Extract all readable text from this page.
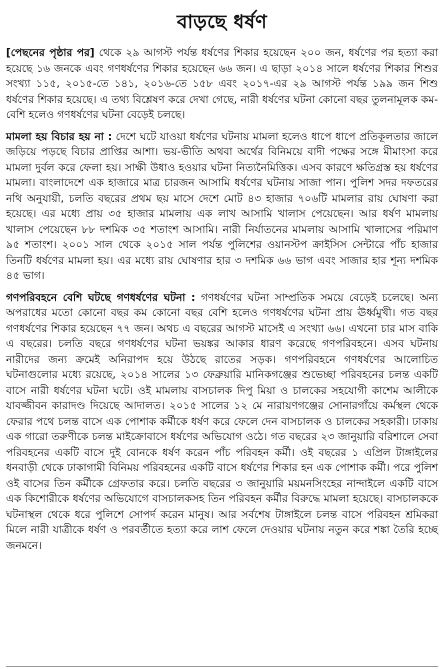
বাড়ছে ধর্ষণ

[পেছনের পৃষ্ঠার পর] থেকে ২৯ আগস্ট পর্যন্ত ধর্ষণের শিকার হয়েছেন ২০০ জন, ধর্ষণের পর হত্যা করা হয়েছে ১৬ জনকে এবং গণধর্ষণের শিকার হয়েছেন ৬৬ জন। এ ছাড়া ২০১৪ সালে ধর্ষণের শিকার শিশুর সংখ্যা ১১৫, ২০১৫-তে ১৪১, ২০১৬-তে ১৫৮ এবং ২০১৭-এর ২৯ আগস্ট পর্যন্ত ১৯৯ জন শিশু ধর্ষণের শিকার হয়েছে। এ তথ্য বিশ্লেষণ করে দেখা গেছে, নারী ধর্ষণের ঘটনা কোনো বছর তুলনামূলক কম-বেশি হলেও গণধর্ষণের ঘটনা বেড়েই চলছে।

মামলা হয় বিচার হয় না : দেশে ঘটে যাওয়া ধর্ষণের ঘটনায় মামলা হলেও ধাপে ধাপে প্রতিকূলতার জালে জড়িয়ে পড়ছে বিচার প্রাপ্তির আশা। ভয়-ভীতি অথবা অর্থের বিনিময়ে বাদী পক্ষের সঙ্গে মীমাংসা করে মামলা দুর্বল করে ফেলা হয়। সাক্ষী উধাও হওয়ার ঘটনা নিত্যনৈমিত্তিক। এসব কারণে ক্ষতিগ্রস্ত হয় ধর্ষণের মামলা। বাংলাদেশে এক হাজারে মাত্র চারজন আসামি ধর্ষণের ঘটনায় সাজা পান। পুলিশ সদর দফতরের নথি অনুযায়ী, চলতি বছরের প্রথম ছয় মাসে দেশে মোট ৪৩ হাজার ৭০৬টি মামলার রায় ঘোষণা করা হয়েছে। এর মধ্যে প্রায় ৩৫ হাজার মামলায় এক লাখ আসামি খালাস পেয়েছেন। আর ধর্ষণ মামলায় খালাস পেয়েছেন ৮৮ দশমিক ৩৫ শতাংশ আসামি। নারী নির্যাতনের মামলায় আসামি খালাসের পরিমাণ ৯৫ শতাংশ। ২০০১ সাল থেকে ২০১৫ সাল পর্যন্ত পুলিশের ওয়ানস্টপ ক্রাইসিস সেন্টারে পাঁচ হাজার তিনটি ধর্ষণের মামলা হয়। এর মধ্যে রায় ঘোষণার হার ৩ দশমিক ৬৬ ভাগ এবং সাজার হার শূন্য দশমিক ৪৫ ভাগ।

গণপরিবহনে বেশি ঘটছে গণধর্ষণের ঘটনা : গণধর্ষণের ঘটনা সাম্প্রতিক সময়ে বেড়েই চলেছে। অন্য অপরাধের মতো কোনো বছর কম কোনো বছর বেশি হলেও গণধর্ষণের ঘটনা প্রায় ঊর্ধ্বমুখী। গত বছর গণধর্ষণের শিকার হয়েছেন ৭৭ জন। অথচ এ বছরের আগস্ট মাসেই এ সংখ্যা ৬৬। এখনো চার মাস বাকি এ বছরের। চলতি বছরে গণধর্ষণের ঘটনা ভয়ঙ্কর আকার ধারণ করেছে গণপরিবহনে। এসব ঘটনায় নারীদের জন্য ক্রমেই অনিরাপদ হয়ে উঠছে রাতের সড়ক। গণপরিবহনে গণধর্ষণের আলোচিত ঘটনাগুলোর মধ্যে রয়েছে, ২০১৪ সালের ১৩ ফেব্রুয়ারি মানিকগঞ্জের শুভেচ্ছা পরিবহনের চলন্ত একটি বাসে নারী ধর্ষণের ঘটনা ঘটে। ওই মামলায় বাসচালক দিপু মিয়া ও চালকের সহযোগী কাশেম আলীকে যাবজ্জীবন কারাদণ্ড দিয়েছে আদালত। ২০১৫ সালের ১২ মে নারায়ণগঞ্জের সোনারগাঁয়ে কর্মস্থল থেকে ফেরার পথে চলন্ত বাসে এক পোশাক কর্মীকে ধর্ষণ করে ফেলে দেন বাসচালক ও চালকের সহকারী। ঢাকায় এক গারো তরুণীকে চলন্ত মাইক্রোবাসে ধর্ষণের অভিযোগ ওঠে। গত বছরের ২৩ জানুয়ারি বরিশালে সেবা পরিবহনের একটি বাসে দুই বোনকে ধর্ষণ করেন পাঁচ পরিবহন কর্মী। ওই বছরের ১ এপ্রিল টাঙ্গাইলের ধনবাড়ী থেকে ঢাকাগামী বিনিময় পরিবহনের একটি বাসে ধর্ষণের শিকার হন এক পোশাক কর্মী। পরে পুলিশ ওই বাসের তিন কর্মীকে গ্রেফতার করে। চলতি বছরের ৩ জানুয়ারি ময়মনসিংহের নান্দাইলে একটি বাসে এক কিশোরীকে ধর্ষণের অভিযোগে বাসচালকসহ তিন পরিবহন কর্মীর বিরুদ্ধে মামলা হয়েছে। বাসচালককে ঘটনাস্থল থেকে ধরে পুলিশে সোপর্দ করেন মানুষ। আর সর্বশেষ টাঙ্গাইলে চলন্ত বাসে পরিবহন শ্রমিকরা মিলে নারী যাত্রীকে ধর্ষণ ও পরবর্তীতে হত্যা করে লাশ ফেলে দেওয়ার ঘটনায় নতুন করে শঙ্কা তৈরি হচ্ছে জনমনে।
